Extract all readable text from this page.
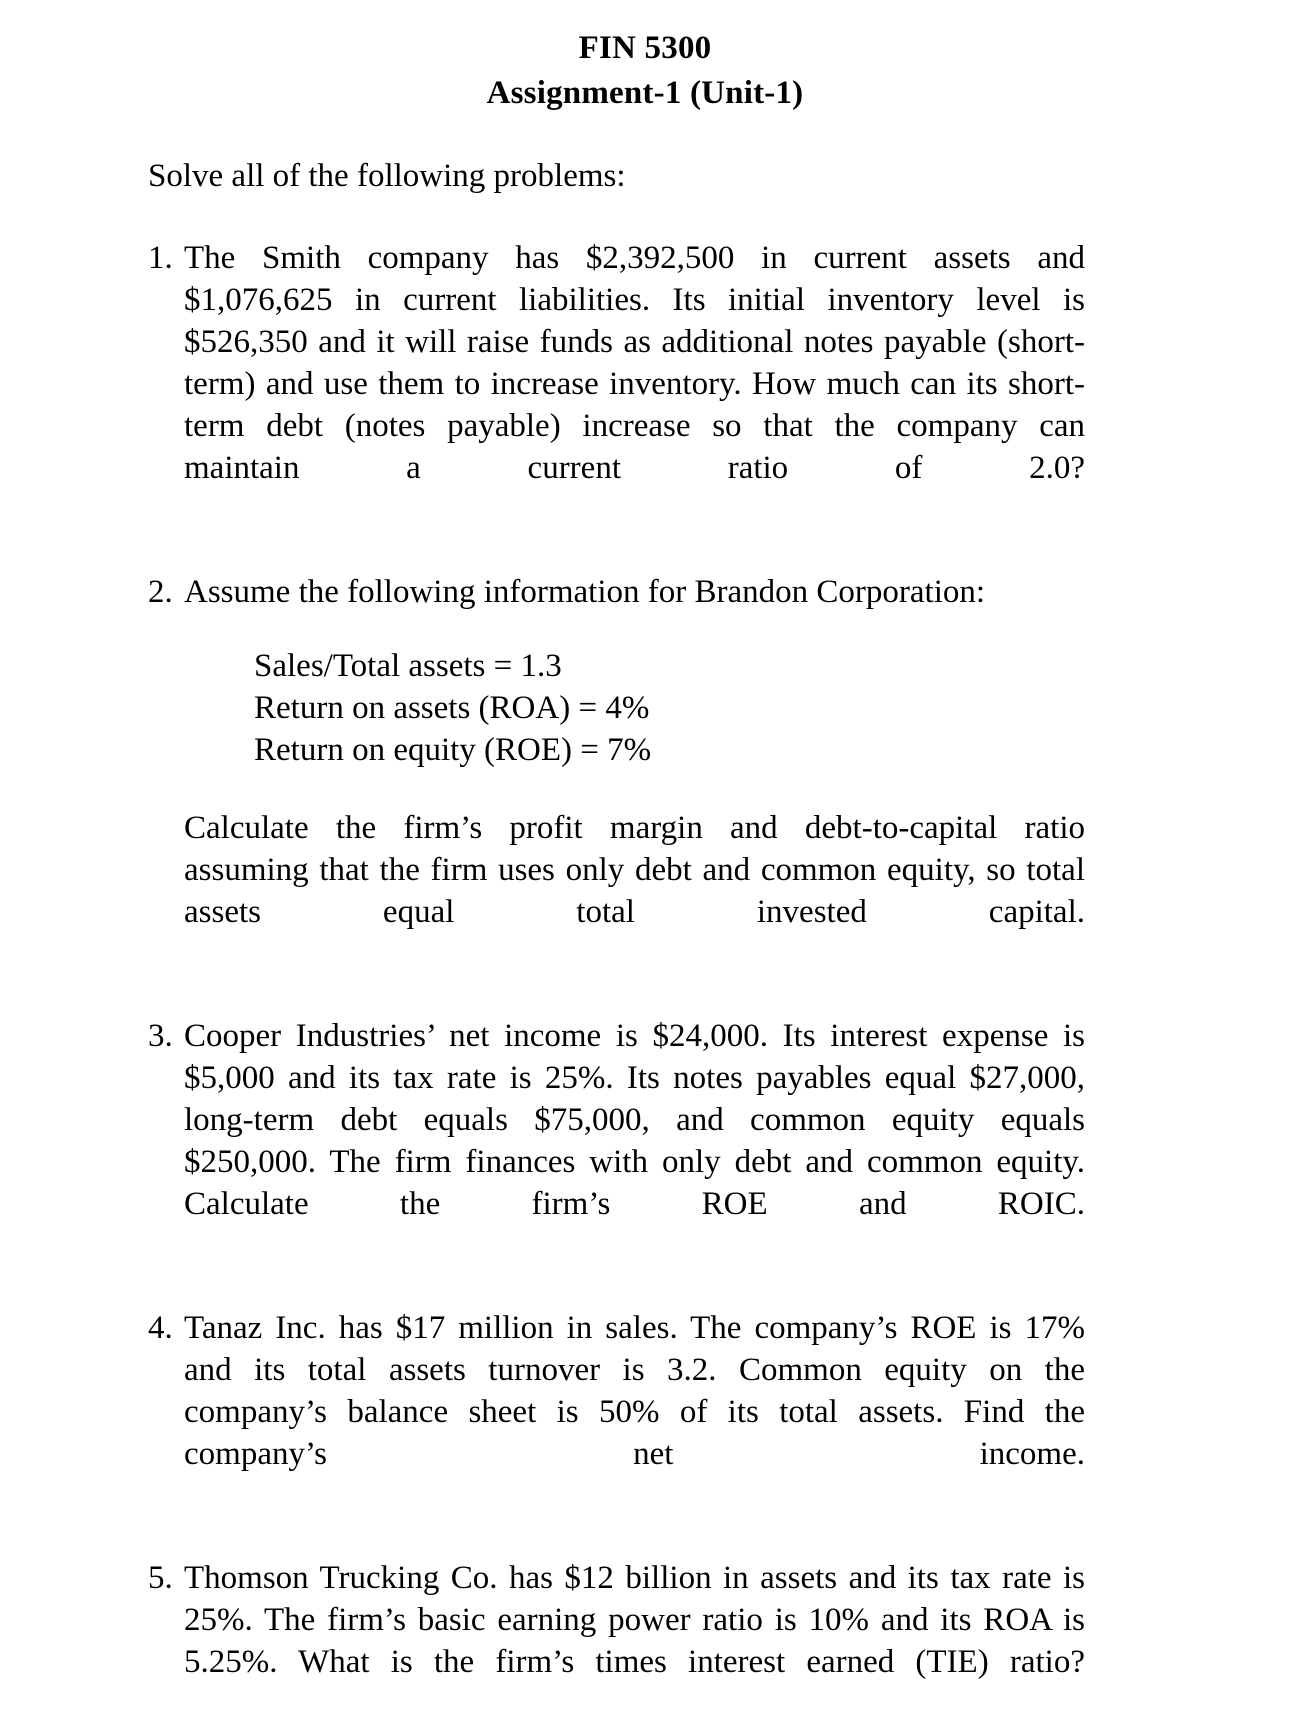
FIN 5300
Assignment-1 (Unit-1)
Solve all of the following problems:
1. The Smith company has $2,392,500 in current assets and $1,076,625 in current liabilities. Its initial inventory level is $526,350 and it will raise funds as additional notes payable (short-term) and use them to increase inventory. How much can its short-term debt (notes payable) increase so that the company can maintain a current ratio of 2.0?
2. Assume the following information for Brandon Corporation:
Sales/Total assets = 1.3
Return on assets (ROA) = 4%
Return on equity (ROE) = 7%
Calculate the firm’s profit margin and debt-to-capital ratio assuming that the firm uses only debt and common equity, so total assets equal total invested capital.
3. Cooper Industries’ net income is $24,000. Its interest expense is $5,000 and its tax rate is 25%. Its notes payables equal $27,000, long-term debt equals $75,000, and common equity equals $250,000. The firm finances with only debt and common equity. Calculate the firm’s ROE and ROIC.
4. Tanaz Inc. has $17 million in sales. The company’s ROE is 17% and its total assets turnover is 3.2. Common equity on the company’s balance sheet is 50% of its total assets. Find the company’s net income.
5. Thomson Trucking Co. has $12 billion in assets and its tax rate is 25%. The firm’s basic earning power ratio is 10% and its ROA is 5.25%. What is the firm’s times interest earned (TIE) ratio?
